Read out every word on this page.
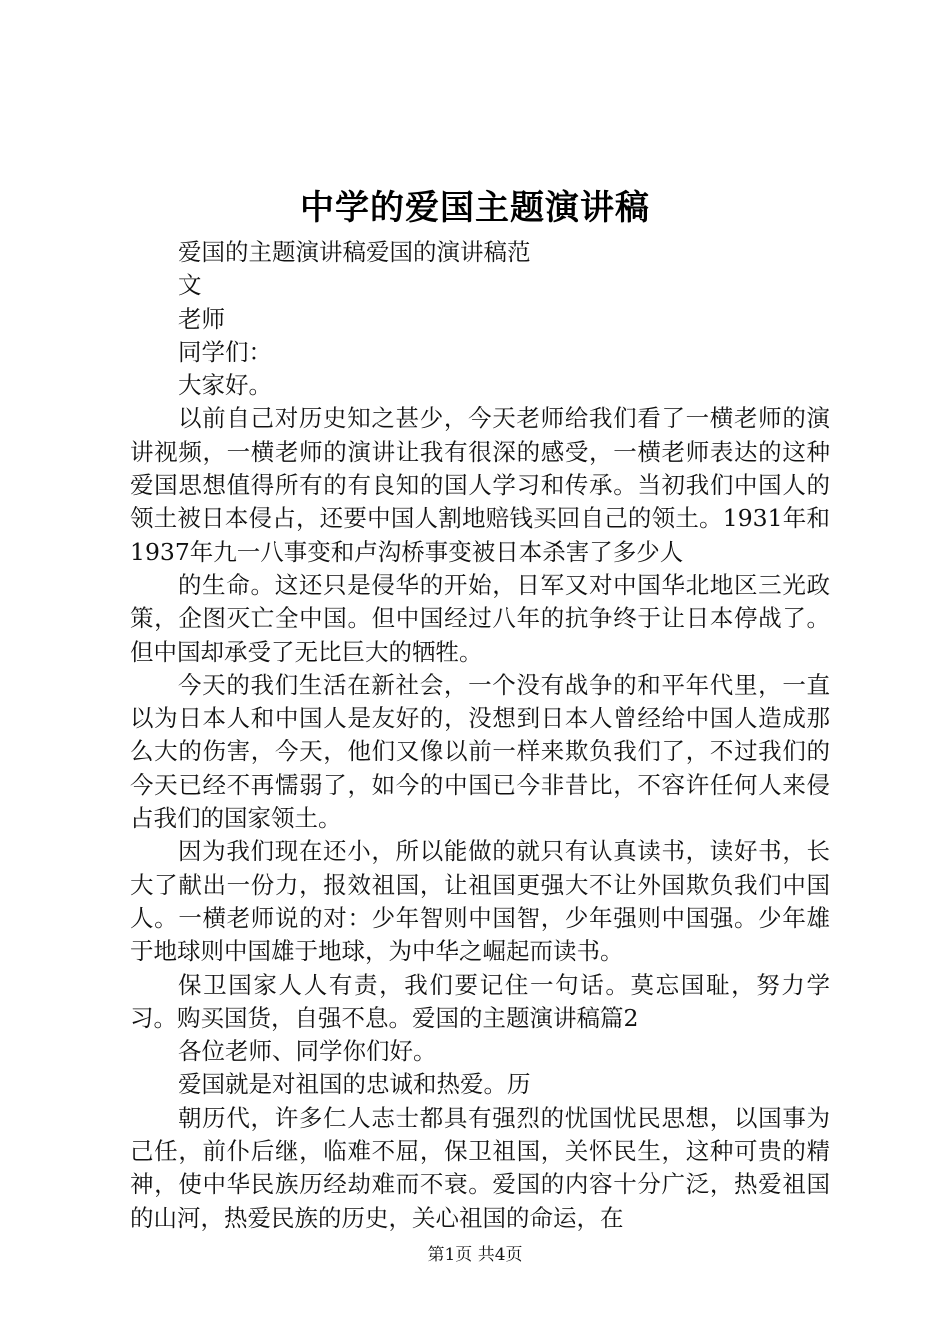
中学的爱国主题演讲稿

爱国的主题演讲稿爱国的演讲稿范

文

老师

同学们：

大家好。

以前自己对历史知之甚少，今天老师给我们看了一横老师的演讲视频，一横老师的演讲让我有很深的感受，一横老师表达的这种爱国思想值得所有的有良知的国人学习和传承。当初我们中国人的领土被日本侵占，还要中国人割地赔钱买回自己的领土。1931年和1937年九一八事变和卢沟桥事变被日本杀害了多少人

的生命。这还只是侵华的开始，日军又对中国华北地区三光政策，企图灭亡全中国。但中国经过八年的抗争终于让日本停战了。但中国却承受了无比巨大的牺牲。

今天的我们生活在新社会，一个没有战争的和平年代里，一直以为日本人和中国人是友好的，没想到日本人曾经给中国人造成那么大的伤害，今天，他们又像以前一样来欺负我们了，不过我们的今天已经不再懦弱了，如今的中国已今非昔比，不容许任何人来侵占我们的国家领土。

因为我们现在还小，所以能做的就只有认真读书，读好书，长大了献出一份力，报效祖国，让祖国更强大不让外国欺负我们中国人。一横老师说的对：少年智则中国智，少年强则中国强。少年雄于地球则中国雄于地球，为中华之崛起而读书。

保卫国家人人有责，我们要记住一句话。莫忘国耻，努力学习。购买国货，自强不息。爱国的主题演讲稿篇2

各位老师、同学你们好。

爱国就是对祖国的忠诚和热爱。历

朝历代，许多仁人志士都具有强烈的忧国忧民思想，以国事为己任，前仆后继，临难不屈，保卫祖国，关怀民生，这种可贵的精神，使中华民族历经劫难而不衰。爱国的内容十分广泛，热爱祖国的山河，热爱民族的历史，关心祖国的命运，在

第1页 共4页
